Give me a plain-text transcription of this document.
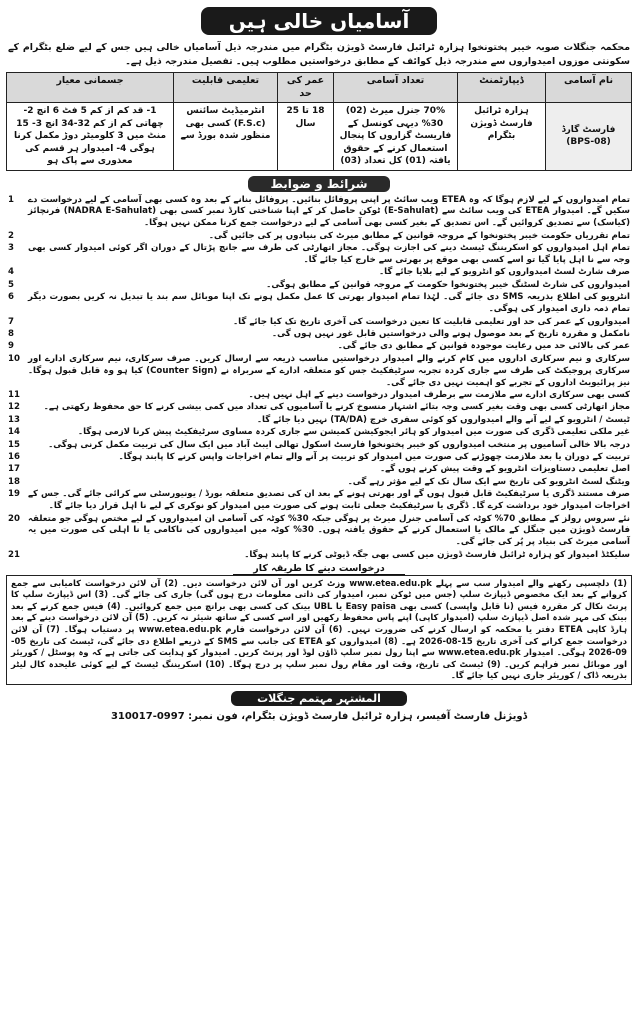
آسامیاں خالی ہیں

محکمہ جنگلات صوبہ خیبر پختونخوا ہزارہ ٹرائبل فارسٹ ڈویژن بٹگرام میں مندرجہ ذیل آسامیاں خالی ہیں جس کے لیے ضلع بٹگرام کے سکونتی موزوں امیدواروں سے مندرجہ ذیل کوائف کے مطابق درخواستیں مطلوب ہیں۔ تفصیل مندرجہ ذیل ہے۔

نام آسامی	ڈیپارٹمنٹ	تعداد آسامی	عمر کی حد	تعلیمی قابلیت	جسمانی معیار
فارسٹ گارڈ (BPS-08)	ہزارہ ٹرائبل فارسٹ ڈویژن بٹگرام	70% جنرل میرٹ (02) 30% دیہی کونسل کے فاریسٹ گزاروں کا پنجال استعمال کرنے کے حقوق یافتہ (01) کل تعداد (03)	18 تا 25 سال	انٹرمیڈیٹ سائنس (F.S.c) کسی بھی منظور شدہ بورڈ سے	1- قد کم از کم 5 فٹ 6 انچ 2- چھاتی کم از کم 32-34 انچ 3- 15 منٹ میں 3 کلومیٹر دوڑ مکمل کرنا ہوگی 4- امیدوار ہر قسم کی معذوری سے پاک ہو
شرائط و ضوابط
تمام امیدواروں کے لیے لازم ہوگا کہ وہ ETEA ویب سائٹ پر اپنی پروفائل بنائیں۔ پروفائل بنانے کے بعد وہ کسی بھی آسامی کے لیے درخواست دے سکیں گے۔ امیدوار ETEA کی ویب سائٹ سے (E-Sahulat) ٹوکن حاصل کر کے اپنا شناختی کارڈ نمبر کسی بھی (NADRA E-Sahulat) فرنچائز (کیاسک) سے تصدیق کروائیں گے۔ اس تصدیق کے بغیر کسی بھی آسامی کے لیے درخواست جمع کرنا ممکن نہیں ہوگا۔
1
تمام تقرریاں حکومت خیبر پختونخوا کے مروجہ قوانین کے مطابق میرٹ کی بنیادوں پر کی جائیں گی۔
2
تمام اہل امیدواروں کو اسکریننگ ٹیسٹ دینے کی اجازت ہوگی۔ مجاز اتھارٹی کی طرف سے جانچ پڑتال کے دوران اگر کوئی امیدوار کسی بھی وجہ سے نا اہل پایا گیا تو اسے کسی بھی موقع پر بھرتی سے خارج کیا جائے گا۔
3
صرف شارٹ لسٹ امیدواروں کو انٹرویو کے لیے بلایا جائے گا۔
4
امیدواروں کی شارٹ لسٹنگ خیبر پختونخوا حکومت کے مروجہ قوانین کے مطابق ہوگی۔
5
انٹرویو کی اطلاع بذریعہ SMS دی جائے گی۔ لہٰذا تمام امیدوار بھرتی کا عمل مکمل ہونے تک اپنا موبائل سم بند یا تبدیل نہ کریں بصورت دیگر تمام ذمہ داری امیدوار کی ہوگی۔
6
امیدواروں کے عمر کی حد اور تعلیمی قابلیت کا تعین درخواست کی آخری تاریخ تک کیا جائے گا۔
7
نامکمل و مقررہ تاریخ کے بعد موصول ہونے والی درخواستیں قابل غور نہیں ہوں گی۔
8
عمر کی بالائی حد میں رعایت موجودہ قوانین کے مطابق دی جائے گی۔
9
سرکاری و نیم سرکاری اداروں میں کام کرنے والے امیدوار درخواستیں مناسب ذریعہ سے ارسال کریں۔ صرف سرکاری، نیم سرکاری ادارے اور سرکاری پروجیکٹ کی طرف سے جاری کردہ تجربہ سرٹیفکیٹ جس کو متعلقہ ادارے کے سربراہ نے (Counter Sign) کیا ہو وہ قابل قبول ہوگا۔ نیز پرائیویٹ اداروں کے تجربے کو اہمیت نہیں دی جائے گی۔
10
کسی بھی سرکاری ادارے سے ملازمت سے برطرف امیدوار درخواست دینے کے اہل نہیں ہیں۔
11
مجاز اتھارٹی کسی بھی وقت بغیر کسی وجہ بتائے اشتہار منسوخ کرنے یا آسامیوں کی تعداد میں کمی بیشی کرنے کا حق محفوظ رکھتی ہے۔
12
ٹیسٹ / انٹرویو کے لیے آنے والے امیدواروں کو کوئی سفری خرچ (TA/DA) نہیں دیا جائے گا۔
13
غیر ملکی تعلیمی ڈگری کی صورت میں امیدوار کو ہائر ایجوکیشن کمیشن سے جاری کردہ مساوی سرٹیفکیٹ پیش کرنا لازمی ہوگا۔
14
درجہ بالا خالی آسامیوں پر منتخب امیدواروں کو خیبر پختونخوا فارسٹ اسکول تھالی ایبٹ آباد میں ایک سال کی تربیت مکمل کرنی ہوگی۔
15
تربیت کے دوران یا بعد ملازمت چھوڑنے کی صورت میں امیدوار کو تربیت پر آنے والے تمام اخراجات واپس کرنے کا پابند ہوگا۔
16
اصل تعلیمی دستاویزات انٹرویو کے وقت پیش کرنے ہوں گے۔
17
ویٹنگ لسٹ انٹرویو کی تاریخ سے ایک سال تک کے لیے مؤثر رہے گی۔
18
صرف مستند ڈگری یا سرٹیفکیٹ قابل قبول ہوں گے اور بھرتی ہونے کے بعد ان کی تصدیق متعلقہ بورڈ / یونیورسٹی سے کرائی جائے گی۔ جس کے اخراجات امیدوار خود برداشت کرے گا۔ ڈگری یا سرٹیفکیٹ جعلی ثابت ہونے کی صورت میں امیدوار کو نوکری کے لیے نا اہل قرار دیا جائے گا۔
19
نئے سروس رولز کے مطابق 70% کوٹہ کی آسامی جنرل میرٹ پر ہوگی جبکہ 30% کوٹہ کی آسامی ان امیدواروں کے لیے مختص ہوگی جو متعلقہ فارسٹ ڈویژن میں جنگل کے مالک یا استعمال کرنے کے حقوق یافتہ ہوں۔ 30% کوٹہ میں امیدواروں کی ناکامی یا نا اہلی کی صورت میں یہ آسامی میرٹ کی بنیاد پر پُر کی جائے گی۔
20
سلیکٹڈ امیدوار کو ہزارہ ٹرائبل فارسٹ ڈویژن میں کسی بھی جگہ ڈیوٹی کرنے کا پابند ہوگا۔
21
درخواست دینے کا طریقہ کار
(1) دلچسپی رکھنے والے امیدوار سب سے پہلے www.etea.edu.pk وزٹ کریں اور آن لائن درخواست دیں۔ (2) آن لائن درخواست کامیابی سے جمع کروانے کے بعد ایک مخصوص ڈیپازٹ سلپ (جس میں ٹوکن نمبر، امیدوار کی ذاتی معلومات درج ہوں گی) جاری کی جائے گی۔ (3) اس ڈیپازٹ سلپ کا پرنٹ نکال کر مقررہ فیس (نا قابل واپسی) کسی بھی Easy paisa یا UBL بینک کی کسی بھی برانچ میں جمع کروائیں۔ (4) فیس جمع کرنے کے بعد بینک کی مہر شدہ اصل ڈیپازٹ سلپ (امیدوار کاپی) اپنے پاس محفوظ رکھیں اور اسے کسی کے ساتھ شیئر نہ کریں۔ (5) آن لائن درخواست دینے کے بعد ہارڈ کاپی ETEA دفتر یا محکمہ کو ارسال کرنے کی ضرورت نہیں۔ (6) آن لائن درخواست فارم www.etea.edu.pk پر دستیاب ہوگا۔ (7) آن لائن درخواست جمع کرانے کی آخری تاریخ 15-08-2026 ہے۔ (8) امیدواروں کو ETEA کی جانب سے SMS کے ذریعے اطلاع دی جائے گی، ٹیسٹ کی تاریخ 05-09-2026 ہوگی۔ امیدوار www.etea.edu.pk سے اپنا رول نمبر سلپ ڈاؤن لوڈ اور پرنٹ کریں۔ امیدوار کو ہدایت کی جاتی ہے کہ وہ پوسٹل / کوریئر اور موبائل نمبر فراہم کریں۔ (9) ٹیسٹ کی تاریخ، وقت اور مقام رول نمبر سلپ پر درج ہوگا۔ (10) اسکریننگ ٹیسٹ کے لیے کوئی علیحدہ کال لیٹر بذریعہ ڈاک / کوریئر جاری نہیں کیا جائے گا۔
المشتہر مہتمم جنگلات
ڈویژنل فارسٹ آفیسر، ہزارہ ٹرائبل فارسٹ ڈویژن بٹگرام، فون نمبر: 0997-310017
